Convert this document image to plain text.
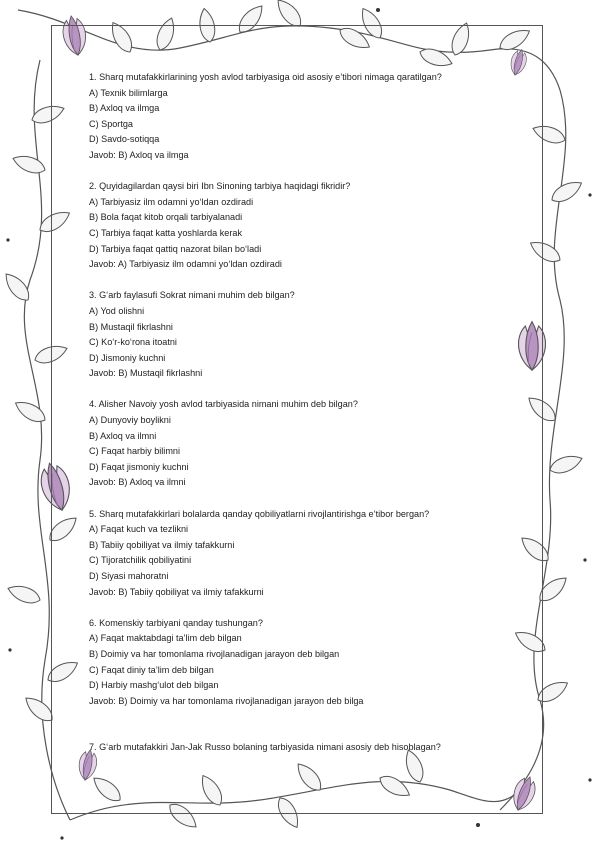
1. Sharq mutafakkirlarining yosh avlod tarbiyasiga oid asosiy e’tibori nimaga qaratilgan?

A) Texnik bilimlarga

B) Axloq va ilmga

C) Sportga

D) Savdo-sotiqqa

Javob: B) Axloq va ilmga

2. Quyidagilardan qaysi biri Ibn Sinoning tarbiya haqidagi fikridir?

A) Tarbiyasiz ilm odamni yo‘ldan ozdiradi

B) Bola faqat kitob orqali tarbiyalanadi

C) Tarbiya faqat katta yoshlarda kerak

D) Tarbiya faqat qattiq nazorat bilan bo‘ladi

Javob: A) Tarbiyasiz ilm odamni yo‘ldan ozdiradi

3. G‘arb faylasufi Sokrat nimani muhim deb bilgan?

A) Yod olishni

B) Mustaqil fikrlashni

C) Ko‘r-ko‘rona itoatni

D) Jismoniy kuchni

Javob: B) Mustaqil fikrlashni

4. Alisher Navoiy yosh avlod tarbiyasida nimani muhim deb bilgan?

A) Dunyoviy boylikni

B) Axloq va ilmni

C) Faqat harbiy bilimni

D) Faqat jismoniy kuchni

Javob: B) Axloq va ilmni

5. Sharq mutafakkirlari bolalarda qanday qobiliyatlarni rivojlantirishga e’tibor bergan?

A) Faqat kuch va tezlikni

B) Tabiiy qobiliyat va ilmiy tafakkurni

C) Tijoratchilik qobiliyatini

D) Siyasi mahoratni

Javob: B) Tabiiy qobiliyat va ilmiy tafakkurni

6. Komenskiy tarbiyani qanday tushungan?

A) Faqat maktabdagi ta’lim deb bilgan

B) Doimiy va har tomonlama rivojlanadigan jarayon deb bilgan

C) Faqat diniy ta’lim deb bilgan

D) Harbiy mashg‘ulot deb bilgan

Javob: B) Doimiy va har tomonlama rivojlanadigan jarayon deb bilga

7. G‘arb mutafakkiri Jan-Jak Russo bolaning tarbiyasida nimani asosiy deb hisoblagan?
